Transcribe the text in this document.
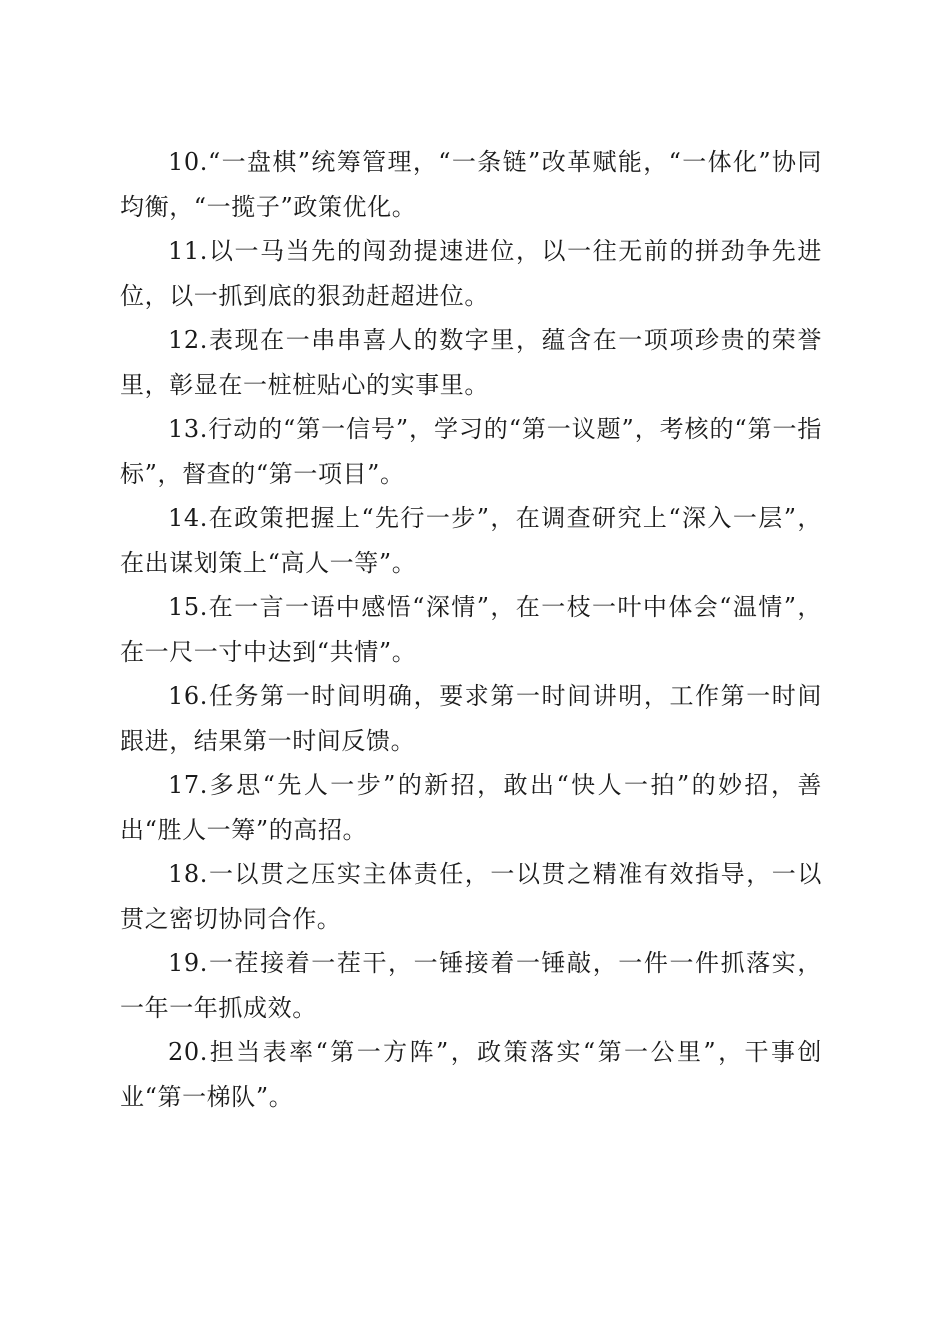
10.“一盘棋”统筹管理，“一条链”改革赋能，“一体化”协同均衡，“一揽子”政策优化。

11.以一马当先的闯劲提速进位，以一往无前的拼劲争先进位，以一抓到底的狠劲赶超进位。

12.表现在一串串喜人的数字里，蕴含在一项项珍贵的荣誉里，彰显在一桩桩贴心的实事里。

13.行动的“第一信号”，学习的“第一议题”，考核的“第一指标”，督查的“第一项目”。

14.在政策把握上“先行一步”，在调查研究上“深入一层”，在出谋划策上“高人一等”。

15.在一言一语中感悟“深情”，在一枝一叶中体会“温情”，在一尺一寸中达到“共情”。

16.任务第一时间明确，要求第一时间讲明，工作第一时间跟进，结果第一时间反馈。

17.多思“先人一步”的新招，敢出“快人一拍”的妙招，善出“胜人一筹”的高招。

18.一以贯之压实主体责任，一以贯之精准有效指导，一以贯之密切协同合作。

19.一茬接着一茬干，一锤接着一锤敲，一件一件抓落实，一年一年抓成效。

20.担当表率“第一方阵”，政策落实“第一公里”，干事创业“第一梯队”。
